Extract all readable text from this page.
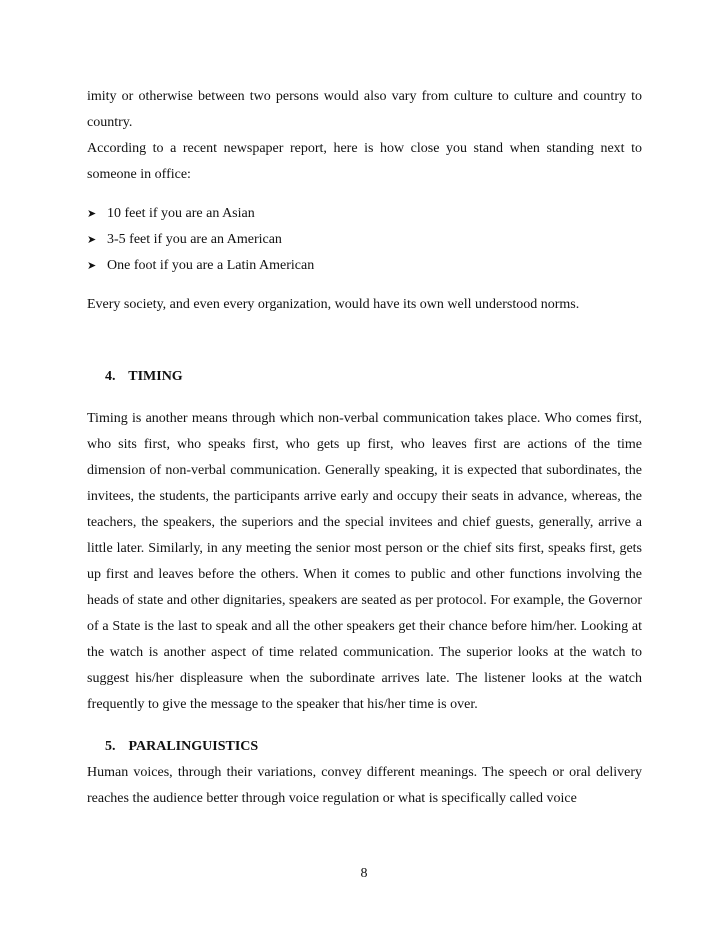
imity or otherwise between two persons would also vary from culture to culture and country to country.

According to a recent newspaper report, here is how close you stand when standing next to someone in office:

➤ 10 feet if you are an Asian
➤ 3-5 feet if you are an American
➤ One foot if you are a Latin American

Every society, and even every organization, would have its own well understood norms.

4. TIMING

Timing is another means through which non-verbal communication takes place. Who comes first, who sits first, who speaks first, who gets up first, who leaves first are actions of the time dimension of non-verbal communication. Generally speaking, it is expected that subordinates, the invitees, the students, the participants arrive early and occupy their seats in advance, whereas, the teachers, the speakers, the superiors and the special invitees and chief guests, generally, arrive a little later. Similarly, in any meeting the senior most person or the chief sits first, speaks first, gets up first and leaves before the others. When it comes to public and other functions involving the heads of state and other dignitaries, speakers are seated as per protocol. For example, the Governor of a State is the last to speak and all the other speakers get their chance before him/her. Looking at the watch is another aspect of time related communication. The superior looks at the watch to suggest his/her displeasure when the subordinate arrives late. The listener looks at the watch frequently to give the message to the speaker that his/her time is over.

5. PARALINGUISTICS

Human voices, through their variations, convey different meanings. The speech or oral delivery reaches the audience better through voice regulation or what is specifically called voice

8
